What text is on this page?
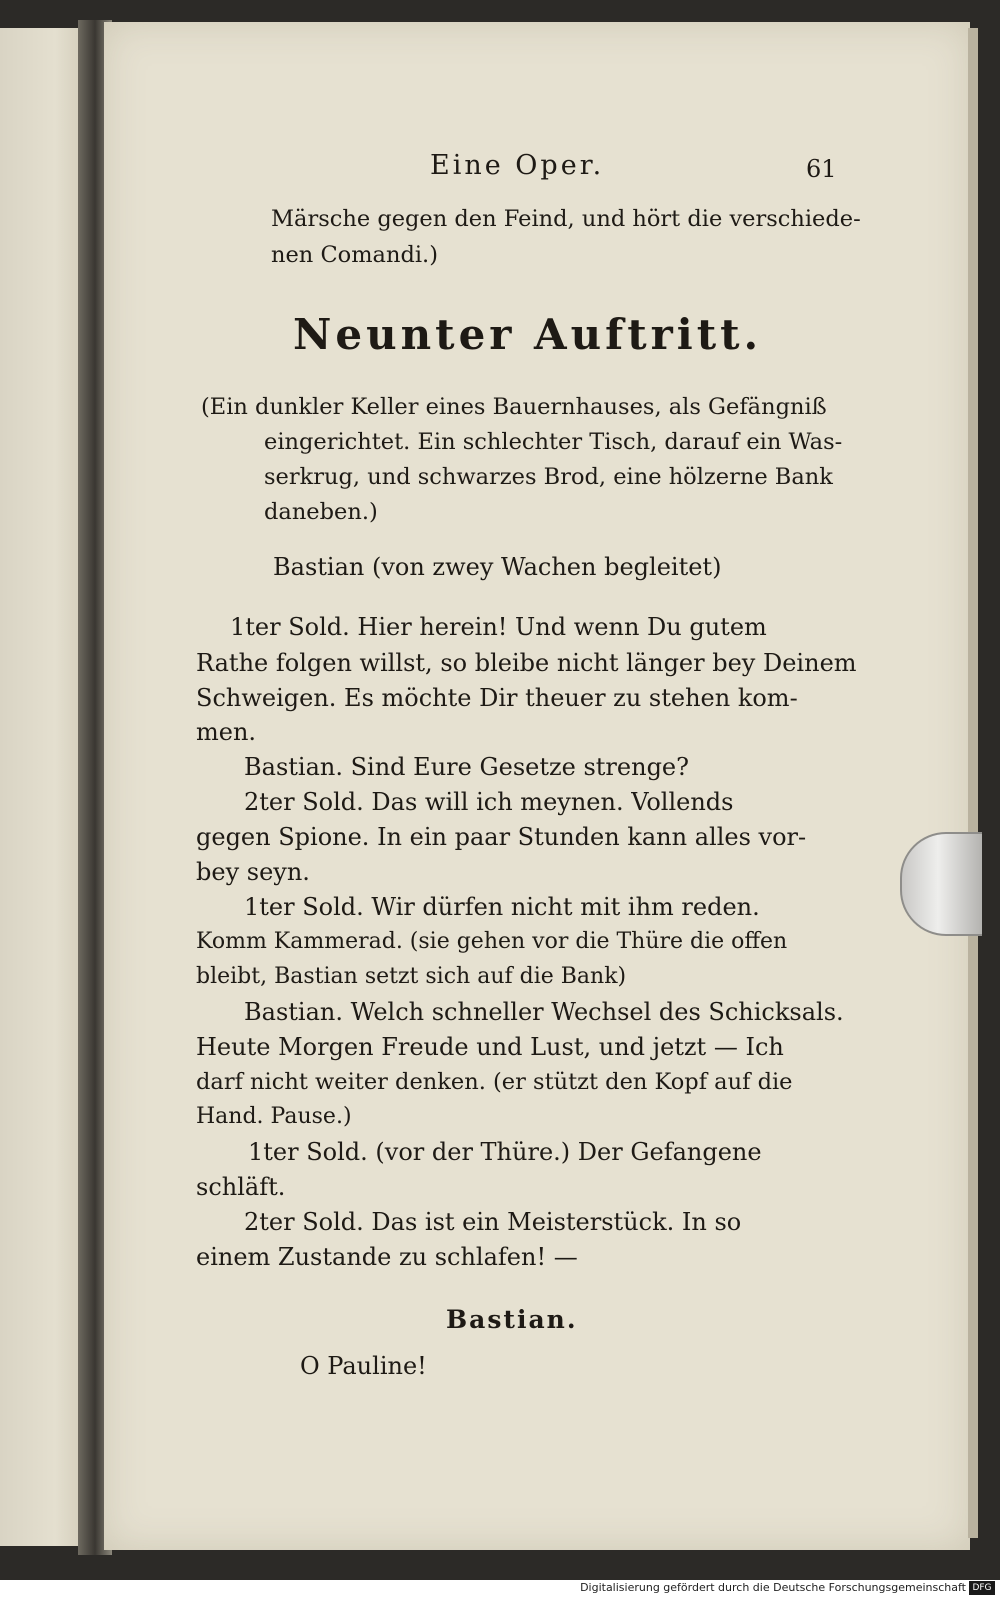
Eine Oper.	61
Märsche gegen den Feind, und hört die verschiede-
nen Comandi.)
Neunter Auftritt.
(Ein dunkler Keller eines Bauernhauses, als Gefängniß
eingerichtet. Ein schlechter Tisch, darauf ein Was-
serkrug, und schwarzes Brod, eine hölzerne Bank
daneben.)
Bastian (von zwey Wachen begleitet)
1ter Sold. Hier herein! Und wenn Du gutem
Rathe folgen willst, so bleibe nicht länger bey Deinem
Schweigen. Es möchte Dir theuer zu stehen kom-
men.
Bastian. Sind Eure Gesetze strenge?
2ter Sold. Das will ich meynen. Vollends
gegen Spione. In ein paar Stunden kann alles vor-
bey seyn.
1ter Sold. Wir dürfen nicht mit ihm reden.
Komm Kammerad. (sie gehen vor die Thüre die offen
bleibt, Bastian setzt sich auf die Bank)
Bastian. Welch schneller Wechsel des Schicksals.
Heute Morgen Freude und Lust, und jetzt — Ich
darf nicht weiter denken. (er stützt den Kopf auf die
Hand. Pause.)
1ter Sold. (vor der Thüre.) Der Gefangene
schläft.
2ter Sold. Das ist ein Meisterstück. In so
einem Zustande zu schlafen! —
Bastian.
O Pauline!
Digitalisierung gefördert durch die Deutsche Forschungsgemeinschaft DFG
